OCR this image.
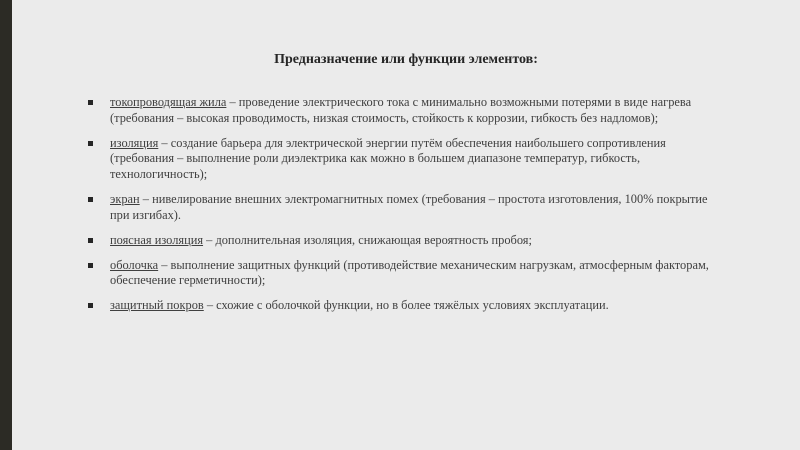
Предназначение или функции элементов:
токопроводящая жила – проведение электрического тока с минимально возможными потерями в виде нагрева (требования – высокая проводимость, низкая стоимость, стойкость к коррозии, гибкость без надломов);
изоляция – создание барьера для электрической энергии путём обеспечения наибольшего сопротивления (требования – выполнение роли диэлектрика как можно в большем диапазоне температур, гибкость, технологичность);
экран – нивелирование внешних электромагнитных помех (требования – простота изготовления, 100% покрытие при изгибах).
поясная изоляция – дополнительная изоляция, снижающая вероятность пробоя;
оболочка – выполнение защитных функций (противодействие механическим нагрузкам, атмосферным факторам, обеспечение герметичности);
защитный покров – схожие с оболочкой функции, но в более тяжёлых условиях эксплуатации.
